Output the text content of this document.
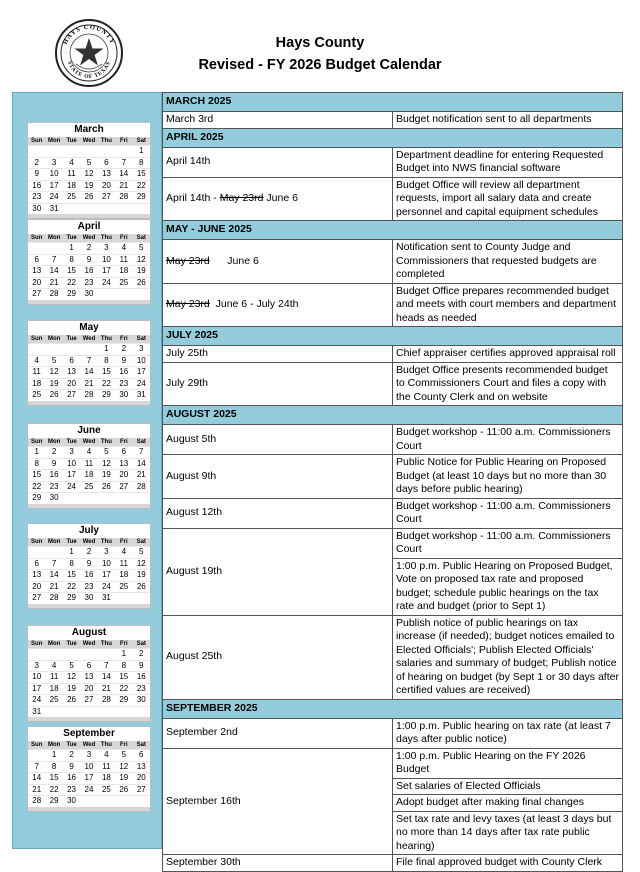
HAYS COUNTY
STATE OF TEXAS
Hays County
Revised - FY 2026 Budget Calendar
March
Sun	Mon	Tue	Wed	Thu	Fri	Sat
						1
2	3	4	5	6	7	8
9	10	11	12	13	14	15
16	17	18	19	20	21	22
23	24	25	26	27	28	29
30	31					

April
Sun	Mon	Tue	Wed	Thu	Fri	Sat
		1	2	3	4	5
6	7	8	9	10	11	12
13	14	15	16	17	18	19
20	21	22	23	24	25	26
27	28	29	30			

May
Sun	Mon	Tue	Wed	Thu	Fri	Sat
				1	2	3
4	5	6	7	8	9	10
11	12	13	14	15	16	17
18	19	20	21	22	23	24
25	26	27	28	29	30	31

June
Sun	Mon	Tue	Wed	Thu	Fri	Sat
1	2	3	4	5	6	7
8	9	10	11	12	13	14
15	16	17	18	19	20	21
22	23	24	25	26	27	28
29	30					

July
Sun	Mon	Tue	Wed	Thu	Fri	Sat
		1	2	3	4	5
6	7	8	9	10	11	12
13	14	15	16	17	18	19
20	21	22	23	24	25	26
27	28	29	30	31		

August
Sun	Mon	Tue	Wed	Thu	Fri	Sat
					1	2
3	4	5	6	7	8	9
10	11	12	13	14	15	16
17	18	19	20	21	22	23
24	25	26	27	28	29	30
31						

September
Sun	Mon	Tue	Wed	Thu	Fri	Sat
	1	2	3	4	5	6
7	8	9	10	11	12	13
14	15	16	17	18	19	20
21	22	23	24	25	26	27
28	29	30				

MARCH 2025	
March 3rd	Budget notification sent to all departments
APRIL 2025	
April 14th	Department deadline for entering Requested Budget into NWS financial software
April 14th - May 23rd June 6	Budget Office will review all department requests, import all salary data and create personnel and capital equipment schedules
MAY - JUNE 2025	
May 23rd      June 6	Notification sent to County Judge and Commissioners that requested budgets are completed
May 23rd  June 6 - July 24th	Budget Office prepares recommended budget and meets with court members and department heads as needed
JULY 2025	
July 25th	Chief appraiser certifies approved appraisal roll
July 29th	Budget Office presents recommended budget to Commissioners Court and files a copy with the County Clerk and on website
AUGUST 2025	
August 5th	Budget workshop - 11:00 a.m. Commissioners Court
August 9th	Public Notice for Public Hearing on Proposed Budget (at least 10 days but no more than 30 days before public hearing)
August 12th	Budget workshop - 11:00 a.m. Commissioners Court
August 19th	Budget workshop - 11:00 a.m. Commissioners Court
	1:00 p.m. Public Hearing on Proposed Budget, Vote on proposed tax rate and proposed budget; schedule public hearings on the tax rate and budget (prior to Sept 1)
August 25th	Publish notice of public hearings on tax increase (if needed); budget notices emailed to Elected Officials'; Publish Elected Officials' salaries and summary of budget; Publish notice of hearing on budget (by Sept 1 or 30 days after certified values are received)
SEPTEMBER 2025	
September 2nd	1:00 p.m. Public hearing on tax rate (at least 7 days after public notice)
September 16th	1:00 p.m. Public Hearing on the FY 2026 Budget
	Set salaries of Elected Officials
	Adopt budget after making final changes
	Set tax rate and levy taxes (at least 3 days but no more than 14 days after tax rate public hearing)
September 30th	File final approved budget with County Clerk
